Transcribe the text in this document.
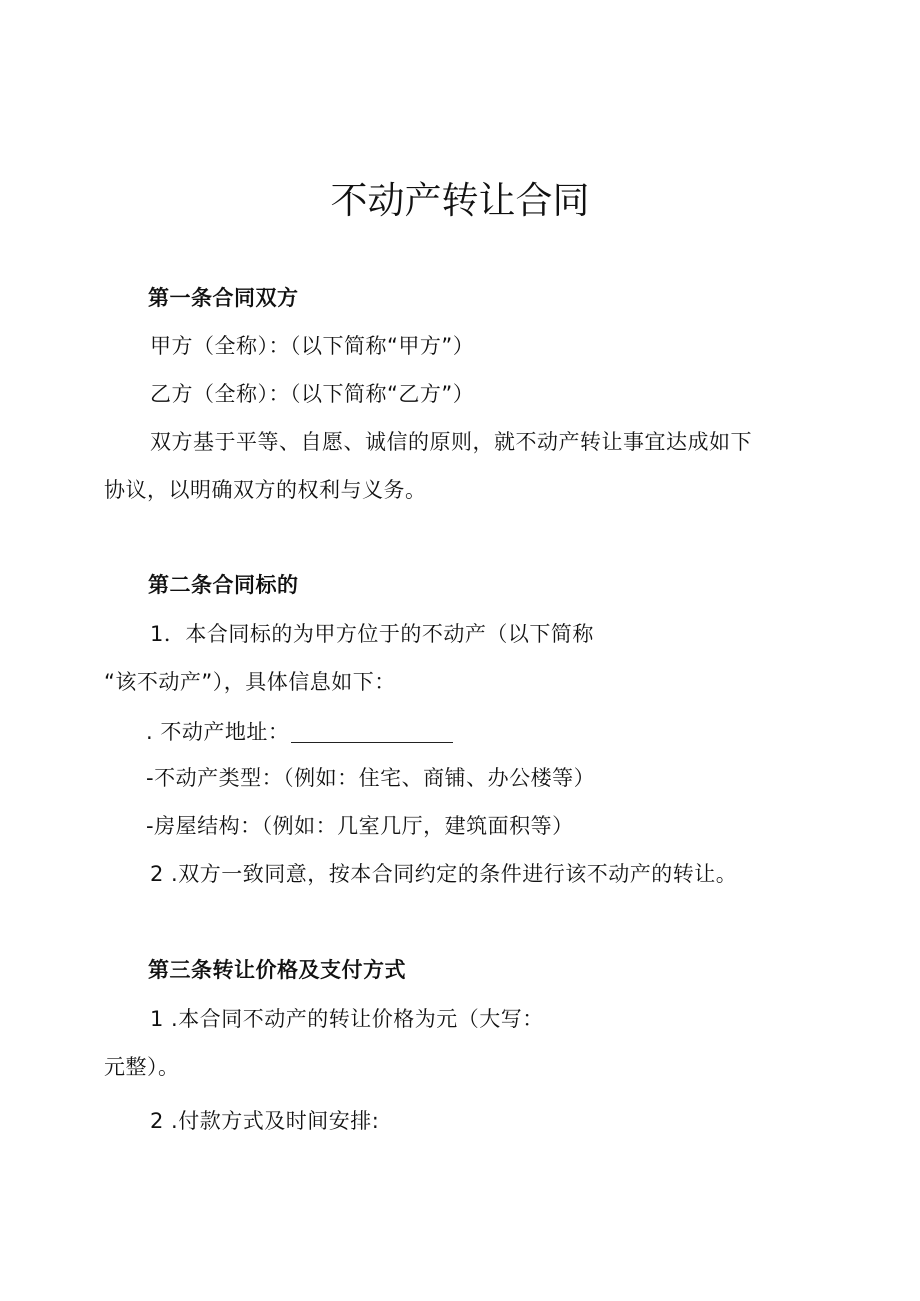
不动产转让合同
第一条合同双方
甲方（全称）：（以下简称“甲方”）
乙方（全称）：（以下简称“乙方”）
双方基于平等、自愿、诚信的原则，就不动产转让事宜达成如下
协议，以明确双方的权利与义务。
第二条合同标的
1．本合同标的为甲方位于的不动产（以下简称
“该不动产”），具体信息如下：
. 不动产地址：
-不动产类型：（例如：住宅、商铺、办公楼等）
-房屋结构：（例如：几室几厅，建筑面积等）
2 .双方一致同意，按本合同约定的条件进行该不动产的转让。
第三条转让价格及支付方式
1 .本合同不动产的转让价格为元（大写：
元整）。
2 .付款方式及时间安排:
